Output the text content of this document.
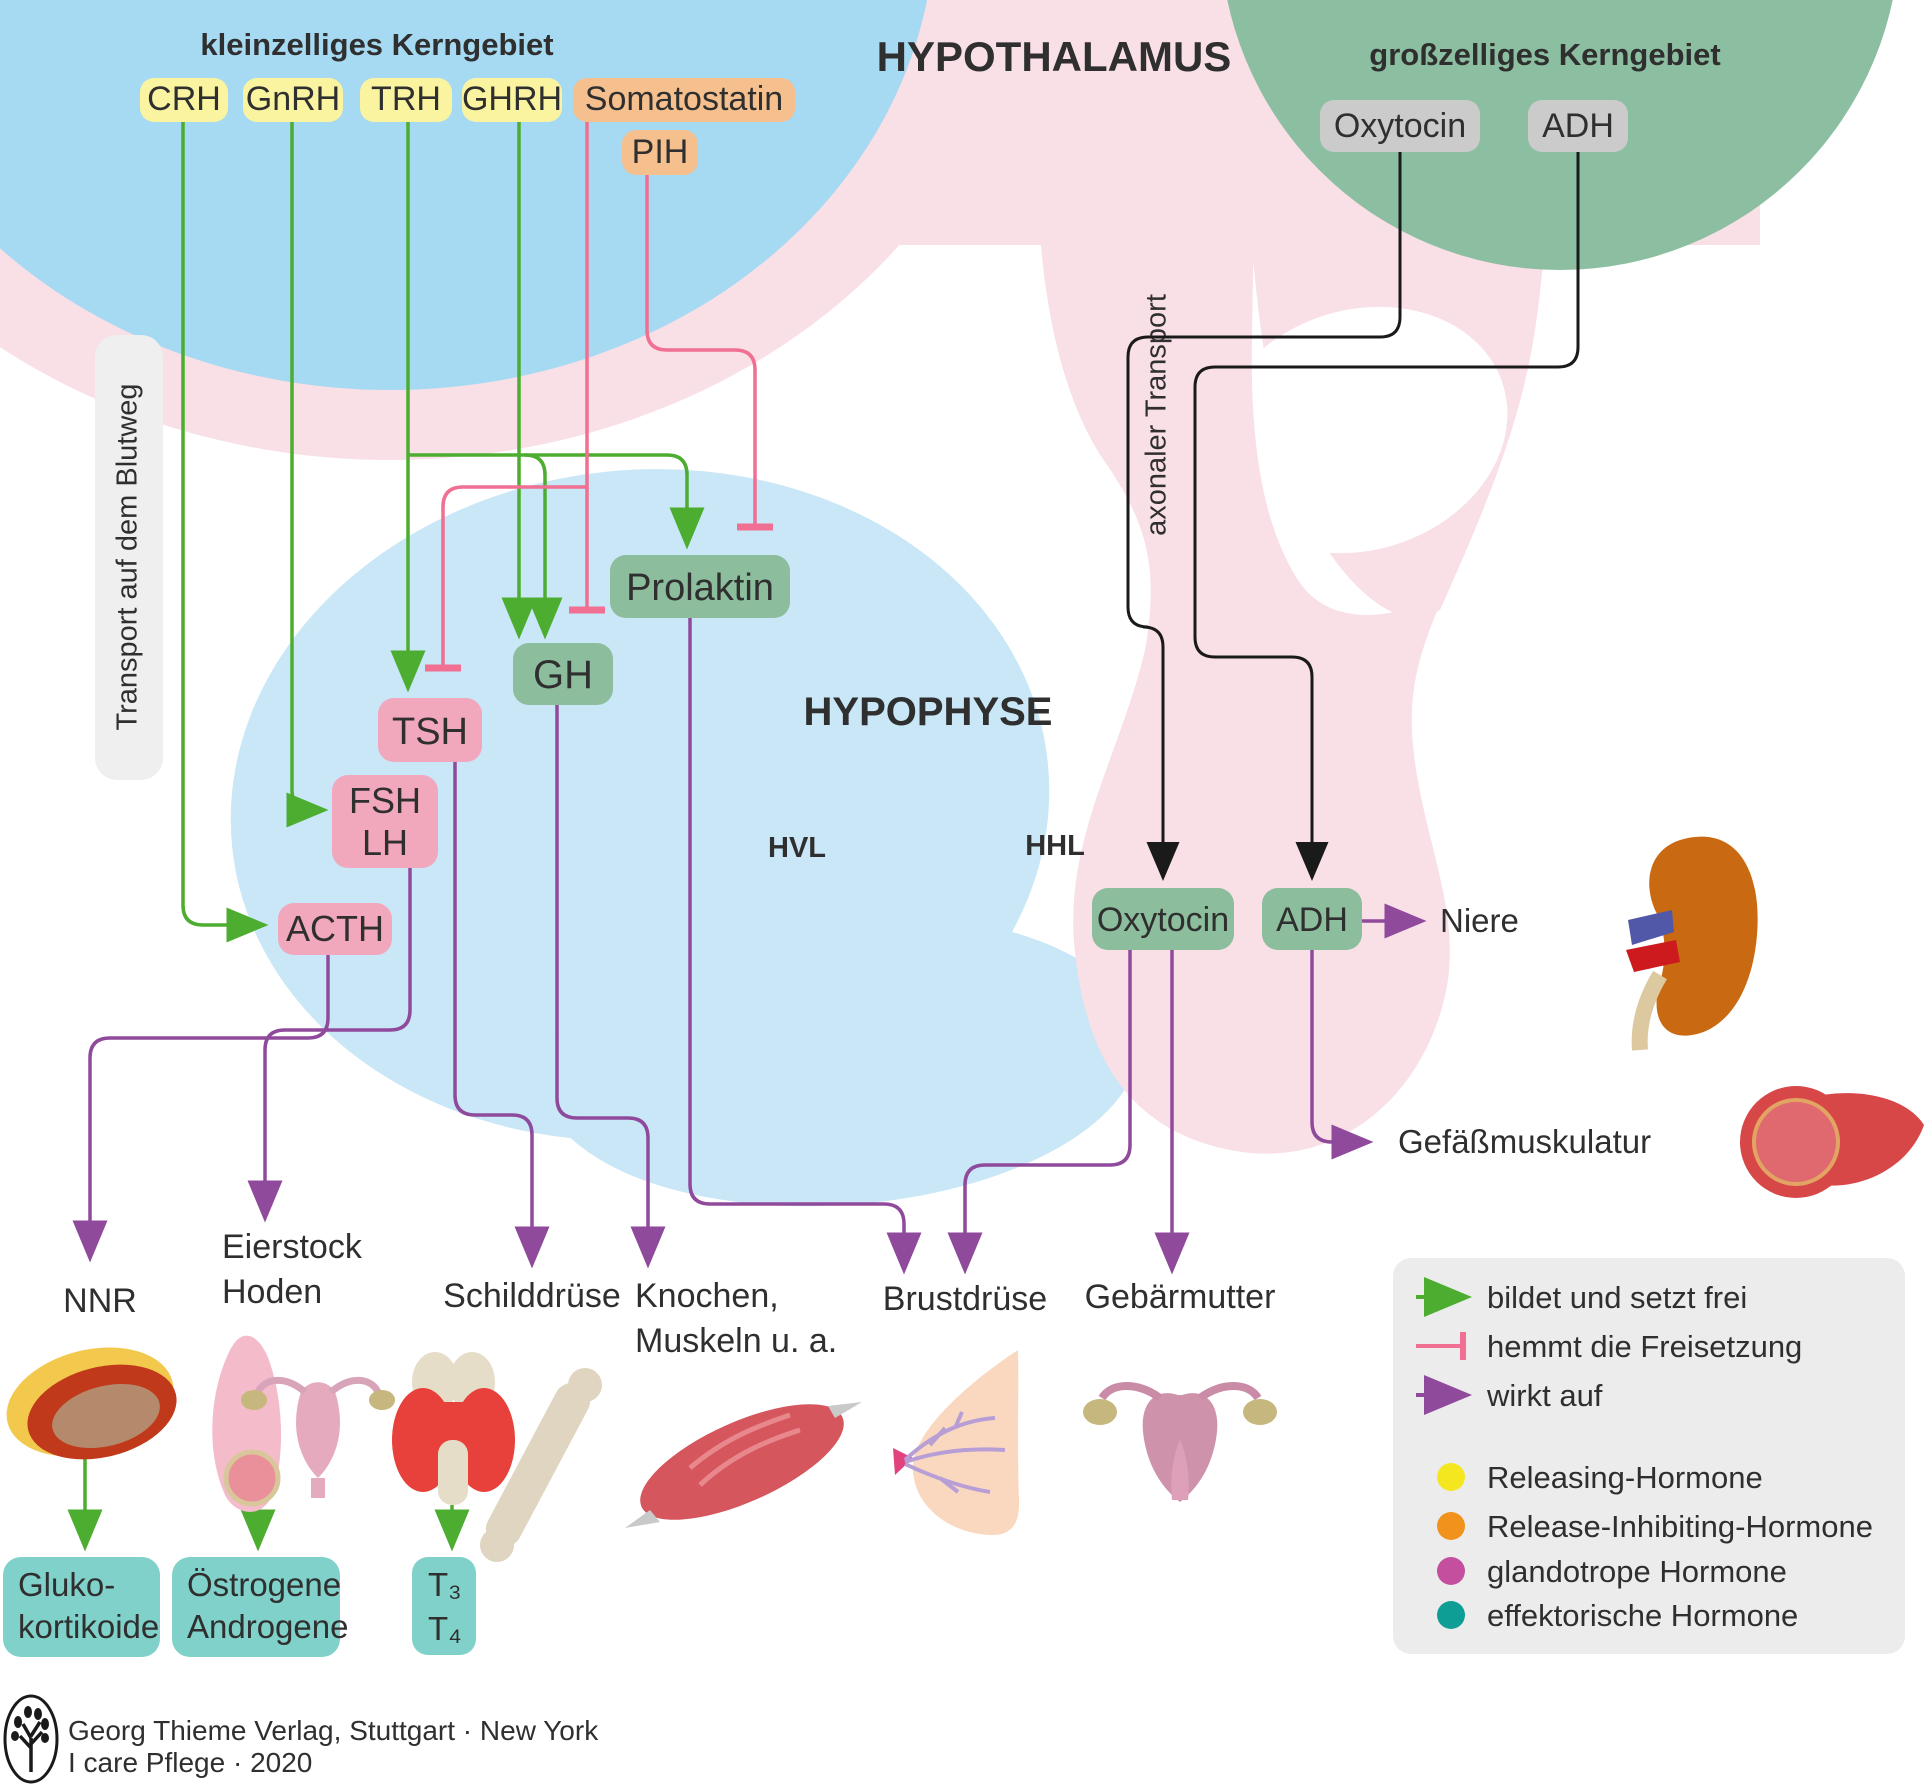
kleinzelliges Kerngebiet	HYPOTHALAMUS	großzelliges Kerngebiet
HYPOPHYSE
HVL	HHL
Transport auf dem Blutweg	axonaler Transport
CRH GnRH TRH GHRH Somatostatin
PIH
Oxytocin ADH
Prolaktin
GH
TSH
FSH
LH
ACTH	Oxytocin ADH	Niere
Gefäßmuskulatur
NNR
Eierstock
Hoden	Schilddrüse Knochen,
Muskeln u. a.
Brustdrüse Gebärmutter
Gluko-
kortikoide
Östrogene
Androgene
T₃
T₄
bildet und setzt frei
hemmt die Freisetzung
wirkt auf
Releasing-Hormone
Release-Inhibiting-Hormone
glandotrope Hormone
effektorische Hormone
Georg Thieme Verlag, Stuttgart · New York
I care Pflege · 2020
